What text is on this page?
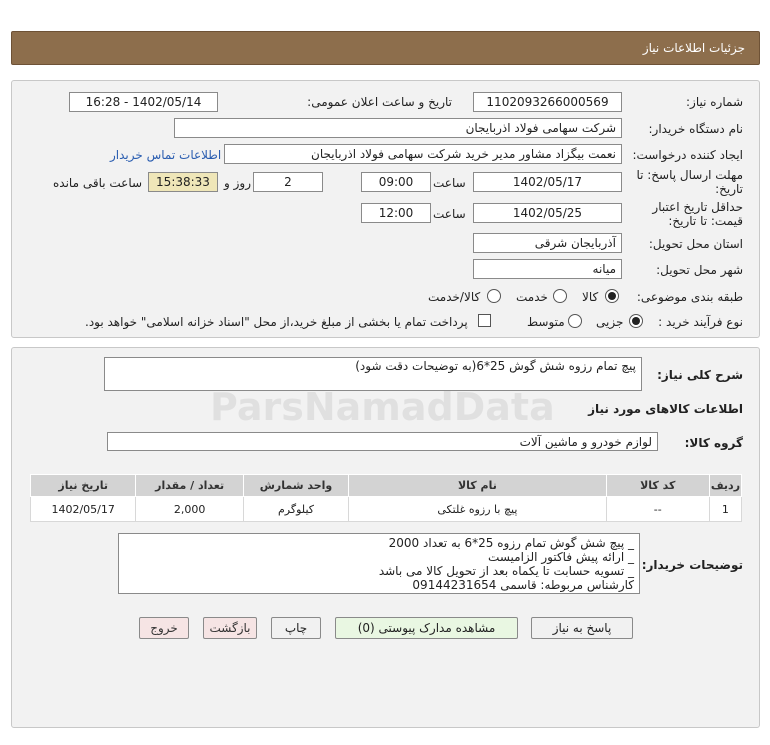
جزئیات اطلاعات نیاز
شماره نیاز:
1102093266000569
تاریخ و ساعت اعلان عمومی:
1402/05/14 - 16:28
نام دستگاه خریدار:
شرکت سهامی فولاد اذربایجان
ایجاد کننده درخواست:
نعمت بیگزاد مشاور مدیر خرید شرکت سهامی فولاد اذربایجان
اطلاعات تماس خریدار
مهلت ارسال پاسخ: تا
تاریخ:
1402/05/17
ساعت
09:00
2
روز و
15:38:33
ساعت باقی مانده
حداقل تاریخ اعتبار
قیمت: تا تاریخ:
1402/05/25
ساعت
12:00
استان محل تحویل:
آذربایجان شرقی
شهر محل تحویل:
میانه
طبقه بندی موضوعی:
کالا
خدمت
کالا/خدمت
نوع فرآیند خرید :
جزیی
متوسط
پرداخت تمام یا بخشی از مبلغ خرید،از محل "اسناد خزانه اسلامی" خواهد بود.
شرح کلی نیاز:
پیچ تمام رزوه شش گوش 25*6(به توضیحات دقت شود)
اطلاعات کالاهای مورد نیاز
گروه کالا:
لوازم خودرو و ماشین آلات
ردیف	کد کالا	نام کالا	واحد شمارش	تعداد / مقدار	تاریخ نیاز
1	--	پیچ با رزوه غلتکی	کیلوگرم	2,000	1402/05/17
توضیحات خریدار:
_ پیچ شش گوش تمام رزوه 25*6 به تعداد 2000
_ ارائه پیش فاکتور الزامیست
_ تسویه حسابت تا یکماه بعد از تحویل کالا می باشد
کارشناس مربوطه: قاسمی 09144231654
پاسخ به نیاز
مشاهده مدارک پیوستی (0)
چاپ
بازگشت
خروج
